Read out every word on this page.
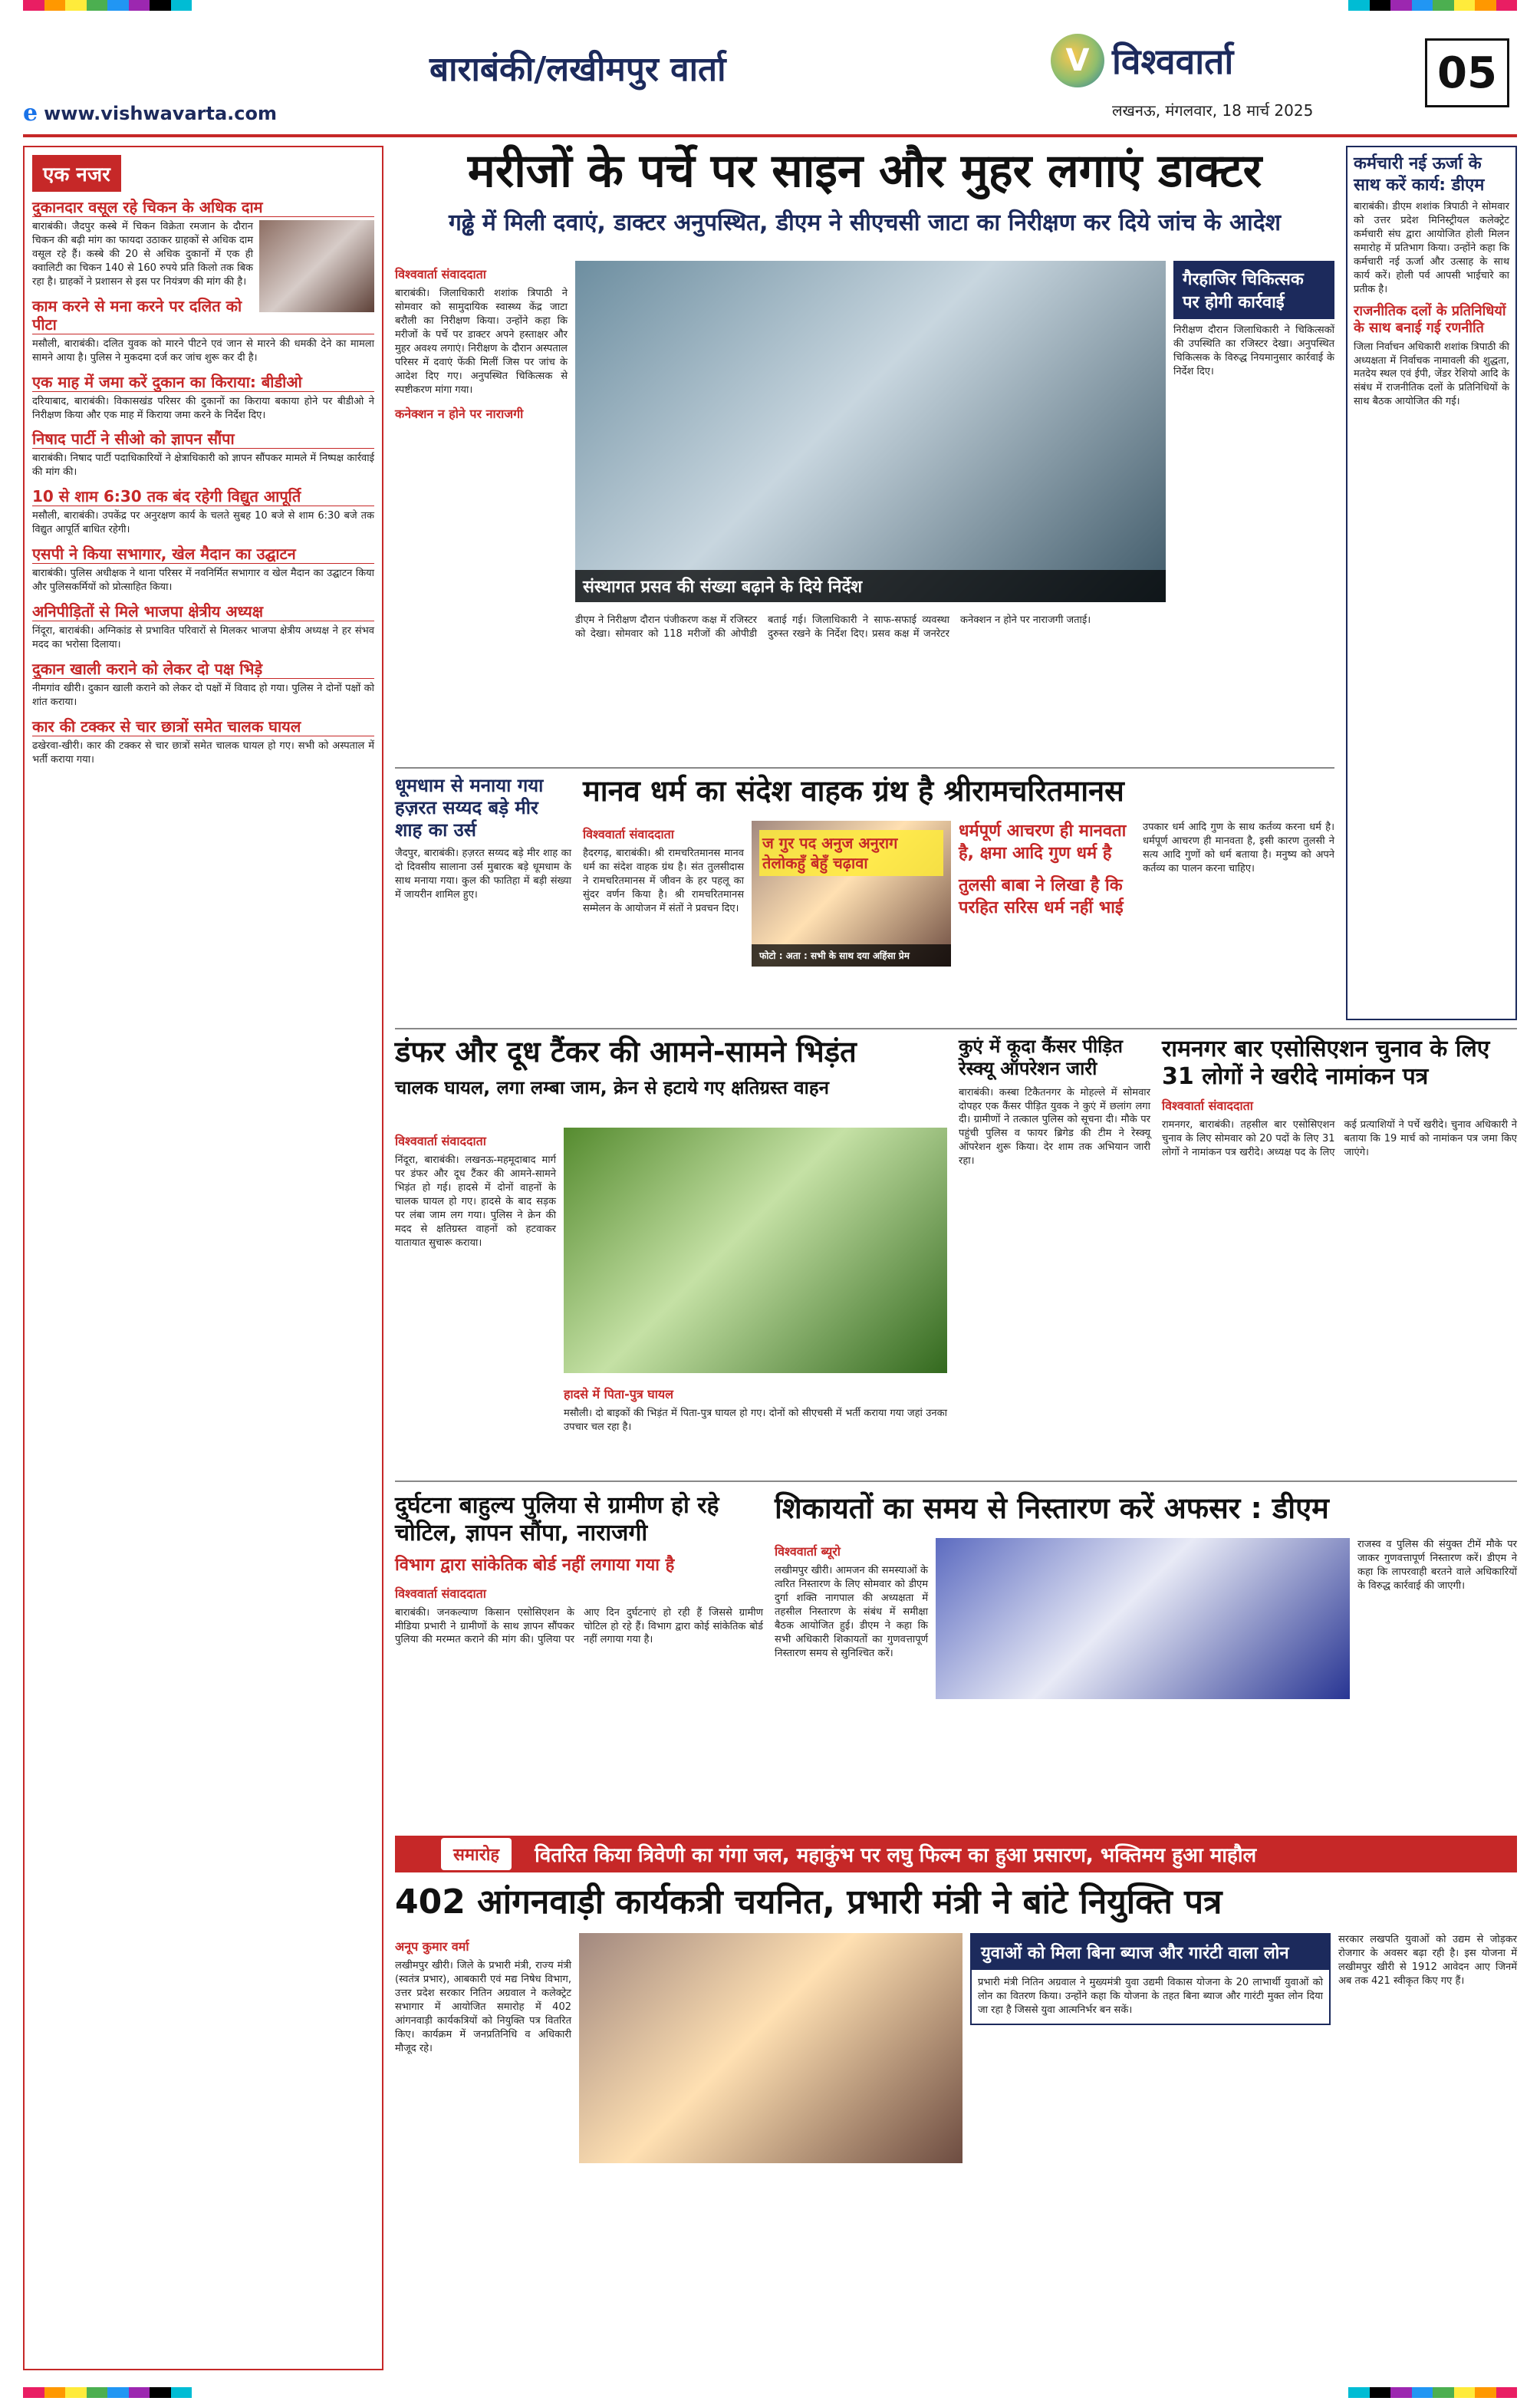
बाराबंकी/लखीमपुर वार्ता
e www.vishwavarta.com
V विश्ववार्ता
लखनऊ, मंगलवार, 18 मार्च 2025
05
एक नजर
दुकानदार वसूल रहे चिकन के अधिक दाम
बाराबंकी। जैदपुर कस्बे में चिकन विक्रेता रमजान के दौरान चिकन की बढ़ी मांग का फायदा उठाकर ग्राहकों से अधिक दाम वसूल रहे हैं। कस्बे की 20 से अधिक दुकानों में एक ही क्वालिटी का चिकन 140 से 160 रुपये प्रति किलो तक बिक रहा है। ग्राहकों ने प्रशासन से इस पर नियंत्रण की मांग की है।
काम करने से मना करने पर दलित को पीटा
मसौली, बाराबंकी। दलित युवक को मारने पीटने एवं जान से मारने की धमकी देने का मामला सामने आया है। पुलिस ने मुकदमा दर्ज कर जांच शुरू कर दी है।
एक माह में जमा करें दुकान का किराया: बीडीओ
दरियाबाद, बाराबंकी। विकासखंड परिसर की दुकानों का किराया बकाया होने पर बीडीओ ने निरीक्षण किया और एक माह में किराया जमा करने के निर्देश दिए।
निषाद पार्टी ने सीओ को ज्ञापन सौंपा
बाराबंकी। निषाद पार्टी पदाधिकारियों ने क्षेत्राधिकारी को ज्ञापन सौंपकर मामले में निष्पक्ष कार्रवाई की मांग की।
10 से शाम 6:30 तक बंद रहेगी विद्युत आपूर्ति
मसौली, बाराबंकी। उपकेंद्र पर अनुरक्षण कार्य के चलते सुबह 10 बजे से शाम 6:30 बजे तक विद्युत आपूर्ति बाधित रहेगी।
एसपी ने किया सभागार, खेल मैदान का उद्घाटन
बाराबंकी। पुलिस अधीक्षक ने थाना परिसर में नवनिर्मित सभागार व खेल मैदान का उद्घाटन किया और पुलिसकर्मियों को प्रोत्साहित किया।
अनिपीड़ितों से मिले भाजपा क्षेत्रीय अध्यक्ष
निंदूरा, बाराबंकी। अग्निकांड से प्रभावित परिवारों से मिलकर भाजपा क्षेत्रीय अध्यक्ष ने हर संभव मदद का भरोसा दिलाया।
दुकान खाली कराने को लेकर दो पक्ष भिड़े
नीमगांव खीरी। दुकान खाली कराने को लेकर दो पक्षों में विवाद हो गया। पुलिस ने दोनों पक्षों को शांत कराया।
कार की टक्कर से चार छात्रों समेत चालक घायल
ढखेरवा-खीरी। कार की टक्कर से चार छात्रों समेत चालक घायल हो गए। सभी को अस्पताल में भर्ती कराया गया।
मरीजों के पर्चे पर साइन और मुहर लगाएं डाक्टर
गढ्ढे में मिली दवाएं, डाक्टर अनुपस्थित, डीएम ने सीएचसी जाटा का निरीक्षण कर दिये जांच के आदेश
विश्ववार्ता संवाददाता
बाराबंकी। जिलाधिकारी शशांक त्रिपाठी ने सोमवार को सामुदायिक स्वास्थ्य केंद्र जाटा बरौली का निरीक्षण किया। उन्होंने कहा कि मरीजों के पर्चे पर डाक्टर अपने हस्ताक्षर और मुहर अवश्य लगाएं। निरीक्षण के दौरान अस्पताल परिसर में दवाएं फेंकी मिलीं जिस पर जांच के आदेश दिए गए। अनुपस्थित चिकित्सक से स्पष्टीकरण मांगा गया।
कनेक्शन न होने पर नाराजगी
संस्थागत प्रसव की संख्या बढ़ाने के दिये निर्देश
गैरहाजिर चिकित्सक पर होगी कार्रवाई
निरीक्षण दौरान जिलाधिकारी ने चिकित्सकों की उपस्थिति का रजिस्टर देखा। अनुपस्थित चिकित्सक के विरुद्ध नियमानुसार कार्रवाई के निर्देश दिए।
डीएम ने निरीक्षण दौरान पंजीकरण कक्ष में रजिस्टर को देखा। सोमवार को 118 मरीजों की ओपीडी बताई गई। जिलाधिकारी ने साफ-सफाई व्यवस्था दुरुस्त रखने के निर्देश दिए। प्रसव कक्ष में जनरेटर कनेक्शन न होने पर नाराजगी जताई।
कर्मचारी नई ऊर्जा के साथ करें कार्य: डीएम
बाराबंकी। डीएम शशांक त्रिपाठी ने सोमवार को उत्तर प्रदेश मिनिस्ट्रीयल कलेक्ट्रेट कर्मचारी संघ द्वारा आयोजित होली मिलन समारोह में प्रतिभाग किया। उन्होंने कहा कि कर्मचारी नई ऊर्जा और उत्साह के साथ कार्य करें। होली पर्व आपसी भाईचारे का प्रतीक है।
राजनीतिक दलों के प्रतिनिधियों के साथ बनाई गई रणनीति
जिला निर्वाचन अधिकारी शशांक त्रिपाठी की अध्यक्षता में निर्वाचक नामावली की शुद्धता, मतदेय स्थल एवं ईपी, जेंडर रेशियो आदि के संबंध में राजनीतिक दलों के प्रतिनिधियों के साथ बैठक आयोजित की गई।
धूमधाम से मनाया गया हज़रत सय्यद बड़े मीर शाह का उर्स
जैदपुर, बाराबंकी। हज़रत सय्यद बड़े मीर शाह का दो दिवसीय सालाना उर्स मुबारक बड़े धूमधाम के साथ मनाया गया। कुल की फातिहा में बड़ी संख्या में जायरीन शामिल हुए।
मानव धर्म का संदेश वाहक ग्रंथ है श्रीरामचरितमानस
विश्ववार्ता संवाददाता
हैदरगढ़, बाराबंकी। श्री रामचरितमानस मानव धर्म का संदेश वाहक ग्रंथ है। संत तुलसीदास ने रामचरितमानस में जीवन के हर पहलू का सुंदर वर्णन किया है। श्री रामचरितमानस सम्मेलन के आयोजन में संतों ने प्रवचन दिए।
ज गुर पद अनुज अनुराग तेलोकहुँ बेहुँ चढ़ावा
फोटो : अता : सभी के साथ दया अहिंसा प्रेम
धर्मपूर्ण आचरण ही मानवता है, क्षमा आदि गुण धर्म है
तुलसी बाबा ने लिखा है कि परहित सरिस धर्म नहीं भाई
उपकार धर्म आदि गुण के साथ कर्तव्य करना धर्म है। धर्मपूर्ण आचरण ही मानवता है, इसी कारण तुलसी ने सत्य आदि गुणों को धर्म बताया है। मनुष्य को अपने कर्तव्य का पालन करना चाहिए।
डंफर और दूध टैंकर की आमने-सामने भिड़ंत
चालक घायल, लगा लम्बा जाम, क्रेन से हटाये गए क्षतिग्रस्त वाहन
विश्ववार्ता संवाददाता
निंदूरा, बाराबंकी। लखनऊ-महमूदाबाद मार्ग पर डंफर और दूध टैंकर की आमने-सामने भिड़ंत हो गई। हादसे में दोनों वाहनों के चालक घायल हो गए। हादसे के बाद सड़क पर लंबा जाम लग गया। पुलिस ने क्रेन की मदद से क्षतिग्रस्त वाहनों को हटवाकर यातायात सुचारू कराया।
हादसे में पिता-पुत्र घायल
मसौली। दो बाइकों की भिड़ंत में पिता-पुत्र घायल हो गए। दोनों को सीएचसी में भर्ती कराया गया जहां उनका उपचार चल रहा है।
कुएं में कूदा कैंसर पीड़ित रेस्क्यू ऑपरेशन जारी
बाराबंकी। कस्बा टिकैतनगर के मोहल्ले में सोमवार दोपहर एक कैंसर पीड़ित युवक ने कुएं में छलांग लगा दी। ग्रामीणों ने तत्काल पुलिस को सूचना दी। मौके पर पहुंची पुलिस व फायर ब्रिगेड की टीम ने रेस्क्यू ऑपरेशन शुरू किया। देर शाम तक अभियान जारी रहा।
रामनगर बार एसोसिएशन चुनाव के लिए 31 लोगों ने खरीदे नामांकन पत्र
विश्ववार्ता संवाददाता
रामनगर, बाराबंकी। तहसील बार एसोसिएशन चुनाव के लिए सोमवार को 20 पदों के लिए 31 लोगों ने नामांकन पत्र खरीदे। अध्यक्ष पद के लिए कई प्रत्याशियों ने पर्चे खरीदे। चुनाव अधिकारी ने बताया कि 19 मार्च को नामांकन पत्र जमा किए जाएंगे।
दुर्घटना बाहुल्य पुलिया से ग्रामीण हो रहे चोटिल, ज्ञापन सौंपा, नाराजगी
विभाग द्वारा सांकेतिक बोर्ड नहीं लगाया गया है
विश्ववार्ता संवाददाता
बाराबंकी। जनकल्याण किसान एसोसिएशन के मीडिया प्रभारी ने ग्रामीणों के साथ ज्ञापन सौंपकर पुलिया की मरम्मत कराने की मांग की। पुलिया पर आए दिन दुर्घटनाएं हो रही हैं जिससे ग्रामीण चोटिल हो रहे हैं। विभाग द्वारा कोई सांकेतिक बोर्ड नहीं लगाया गया है।
शिकायतों का समय से निस्तारण करें अफसर : डीएम
विश्ववार्ता ब्यूरो
लखीमपुर खीरी। आमजन की समस्याओं के त्वरित निस्तारण के लिए सोमवार को डीएम दुर्गा शक्ति नागपाल की अध्यक्षता में तहसील निस्तारण के संबंध में समीक्षा बैठक आयोजित हुई। डीएम ने कहा कि सभी अधिकारी शिकायतों का गुणवत्तापूर्ण निस्तारण समय से सुनिश्चित करें।
राजस्व व पुलिस की संयुक्त टीमें मौके पर जाकर गुणवत्तापूर्ण निस्तारण करें। डीएम ने कहा कि लापरवाही बरतने वाले अधिकारियों के विरुद्ध कार्रवाई की जाएगी।
समारोह	वितरित किया त्रिवेणी का गंगा जल, महाकुंभ पर लघु फिल्म का हुआ प्रसारण, भक्तिमय हुआ माहौल
402 आंगनवाड़ी कार्यकत्री चयनित, प्रभारी मंत्री ने बांटे नियुक्ति पत्र
अनूप कुमार वर्मा
लखीमपुर खीरी। जिले के प्रभारी मंत्री, राज्य मंत्री (स्वतंत्र प्रभार), आबकारी एवं मद्य निषेध विभाग, उत्तर प्रदेश सरकार नितिन अग्रवाल ने कलेक्ट्रेट सभागार में आयोजित समारोह में 402 आंगनवाड़ी कार्यकत्रियों को नियुक्ति पत्र वितरित किए। कार्यक्रम में जनप्रतिनिधि व अधिकारी मौजूद रहे।
युवाओं को मिला बिना ब्याज और गारंटी वाला लोन
प्रभारी मंत्री नितिन अग्रवाल ने मुख्यमंत्री युवा उद्यमी विकास योजना के 20 लाभार्थी युवाओं को लोन का वितरण किया। उन्होंने कहा कि योजना के तहत बिना ब्याज और गारंटी मुक्त लोन दिया जा रहा है जिससे युवा आत्मनिर्भर बन सकें।
सरकार लखपति युवाओं को उद्यम से जोड़कर रोजगार के अवसर बढ़ा रही है। इस योजना में लखीमपुर खीरी से 1912 आवेदन आए जिनमें अब तक 421 स्वीकृत किए गए हैं।
